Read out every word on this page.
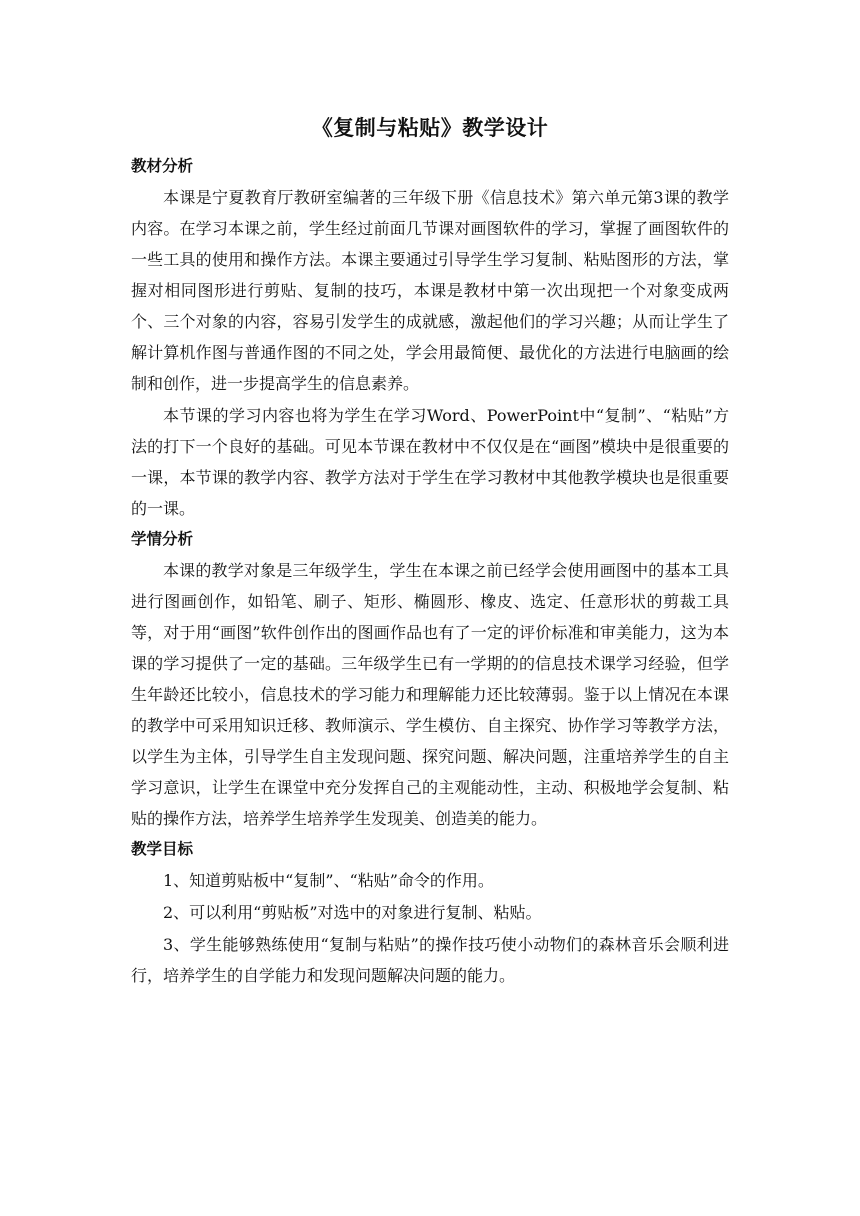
《复制与粘贴》教学设计
教材分析

本课是宁夏教育厅教研室编著的三年级下册《信息技术》第六单元第3课的教学内容。在学习本课之前，学生经过前面几节课对画图软件的学习，掌握了画图软件的一些工具的使用和操作方法。本课主要通过引导学生学习复制、粘贴图形的方法，掌握对相同图形进行剪贴、复制的技巧，本课是教材中第一次出现把一个对象变成两个、三个对象的内容，容易引发学生的成就感，激起他们的学习兴趣；从而让学生了解计算机作图与普通作图的不同之处，学会用最简便、最优化的方法进行电脑画的绘制和创作，进一步提高学生的信息素养。

本节课的学习内容也将为学生在学习Word、PowerPoint中“复制”、“粘贴”方法的打下一个良好的基础。可见本节课在教材中不仅仅是在“画图”模块中是很重要的一课，本节课的教学内容、教学方法对于学生在学习教材中其他教学模块也是很重要的一课。

学情分析

本课的教学对象是三年级学生，学生在本课之前已经学会使用画图中的基本工具进行图画创作，如铅笔、刷子、矩形、椭圆形、橡皮、选定、任意形状的剪裁工具等，对于用“画图”软件创作出的图画作品也有了一定的评价标准和审美能力，这为本课的学习提供了一定的基础。三年级学生已有一学期的的信息技术课学习经验，但学生年龄还比较小，信息技术的学习能力和理解能力还比较薄弱。鉴于以上情况在本课的教学中可采用知识迁移、教师演示、学生模仿、自主探究、协作学习等教学方法，以学生为主体，引导学生自主发现问题、探究问题、解决问题，注重培养学生的自主学习意识，让学生在课堂中充分发挥自己的主观能动性，主动、积极地学会复制、粘贴的操作方法，培养学生培养学生发现美、创造美的能力。

教学目标

1、知道剪贴板中“复制”、“粘贴”命令的作用。

2、可以利用“剪贴板”对选中的对象进行复制、粘贴。

3、学生能够熟练使用“复制与粘贴”的操作技巧使小动物们的森林音乐会顺利进行，培养学生的自学能力和发现问题解决问题的能力。
